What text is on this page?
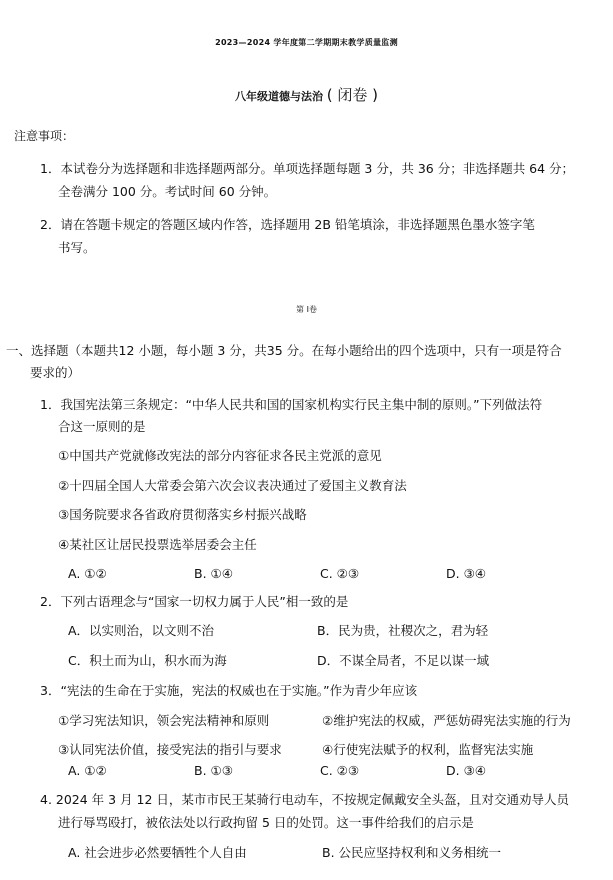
2023—2024 学年度第二学期期末教学质量监测
八年级道德与法治 ( 闭卷 )
注意事项：
1．本试卷分为选择题和非选择题两部分。单项选择题每题 3 分，共 36 分；非选择题共 64 分；
全卷满分 100 分。考试时间 60 分钟。
2．请在答题卡规定的答题区域内作答，选择题用 2B 铅笔填涂，非选择题黑色墨水签字笔
书写。
第 I卷
一、选择题（本题共12 小题，每小题 3 分，共35 分。在每小题给出的四个选项中，只有一项是符合
要求的）
1．我国宪法第三条规定：“中华人民共和国的国家机构实行民主集中制的原则。”下列做法符
合这一原则的是
①中国共产党就修改宪法的部分内容征求各民主党派的意见
②十四届全国人大常委会第六次会议表决通过了爱国主义教育法
③国务院要求各省政府贯彻落实乡村振兴战略
④某社区让居民投票选举居委会主任
A. ①②	B. ①④	C. ②③	D. ③④
2．下列古语理念与“国家一切权力属于人民”相一致的是
A．以实则治，以文则不治	B．民为贵，社稷次之，君为轻
C．积土而为山，积水而为海	D．不谋全局者，不足以谋一域
3．“宪法的生命在于实施，宪法的权威也在于实施。”作为青少年应该
①学习宪法知识，领会宪法精神和原则	②维护宪法的权威，严惩妨碍宪法实施的行为
③认同宪法价值，接受宪法的指引与要求	④行使宪法赋予的权利，监督宪法实施
A. ①②	B. ①③	C. ②③	D. ③④
4. 2024 年 3 月 12 日，某市市民王某骑行电动车，不按规定佩戴安全头盔，且对交通劝导人员
进行辱骂殴打，被依法处以行政拘留 5 日的处罚。这一事件给我们的启示是
A. 社会进步必然要牺牲个人自由	B. 公民应坚持权利和义务相统一
